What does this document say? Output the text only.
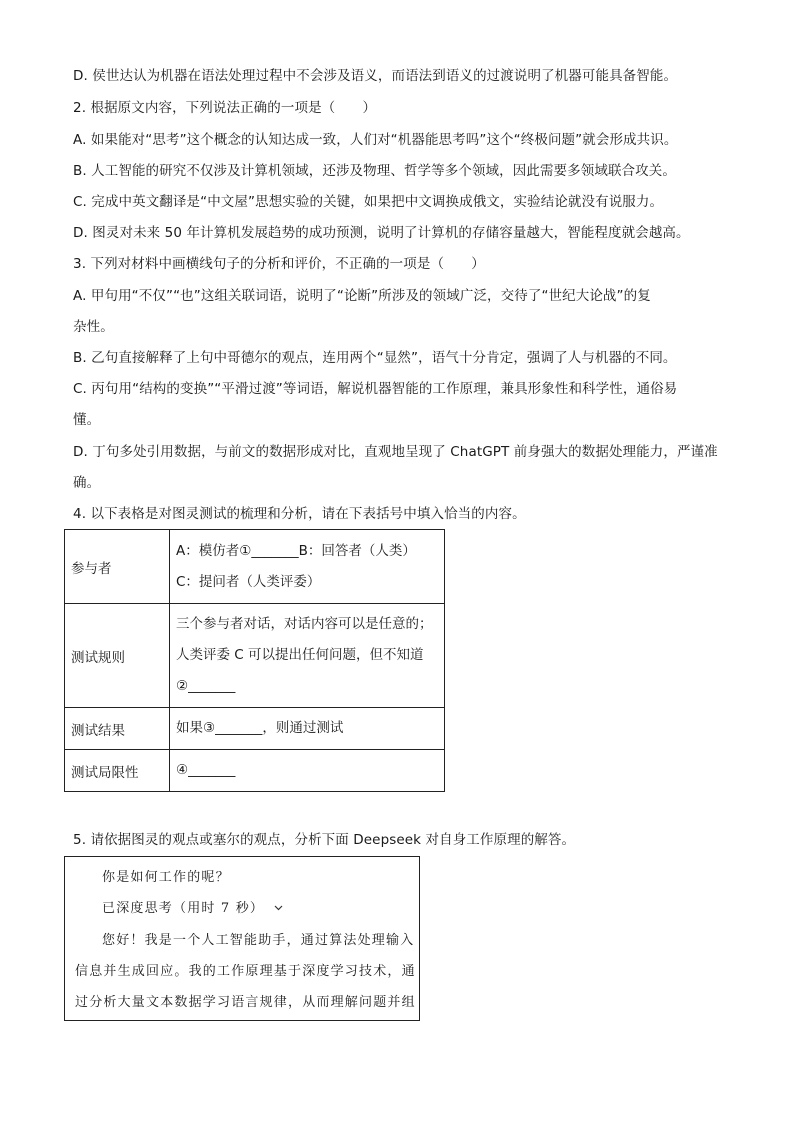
D. 侯世达认为机器在语法处理过程中不会涉及语义，而语法到语义的过渡说明了机器可能具备智能。
2. 根据原文内容，下列说法正确的一项是（　　）
A. 如果能对“思考”这个概念的认知达成一致，人们对“机器能思考吗”这个“终极问题”就会形成共识。
B. 人工智能的研究不仅涉及计算机领域，还涉及物理、哲学等多个领域，因此需要多领域联合攻关。
C. 完成中英文翻译是“中文屋”思想实验的关键，如果把中文调换成俄文，实验结论就没有说服力。
D. 图灵对未来 50 年计算机发展趋势的成功预测，说明了计算机的存储容量越大，智能程度就会越高。
3. 下列对材料中画横线句子的分析和评价，不正确的一项是（　　）
A. 甲句用“不仅”“也”这组关联词语，说明了“论断”所涉及的领域广泛，交待了“世纪大论战”的复
杂性。
B. 乙句直接解释了上句中哥德尔的观点，连用两个“显然”，语气十分肯定，强调了人与机器的不同。
C. 丙句用“结构的变换”“平滑过渡”等词语，解说机器智能的工作原理，兼具形象性和科学性，通俗易
懂。
D. 丁句多处引用数据，与前文的数据形成对比，直观地呈现了 ChatGPT 前身强大的数据处理能力，严谨准
确。
4. 以下表格是对图灵测试的梳理和分析，请在下表括号中填入恰当的内容。
参与者	A：模仿者①_______B：回答者（人类）
C：提问者（人类评委）

测试规则	三个参与者对话，对话内容可以是任意的；
人类评委 C 可以提出任何问题，但不知道
②_______

测试结果	如果③_______，则通过测试

测试局限性	④_______
5. 请依据图灵的观点或塞尔的观点，分析下面 Deepseek 对自身工作原理的解答。
你是如何工作的呢？
已深度思考（用时 7 秒）
您好！我是一个人工智能助手，通过算法处理输入
信息并生成回应。我的工作原理基于深度学习技术，通
过分析大量文本数据学习语言规律，从而理解问题并组
